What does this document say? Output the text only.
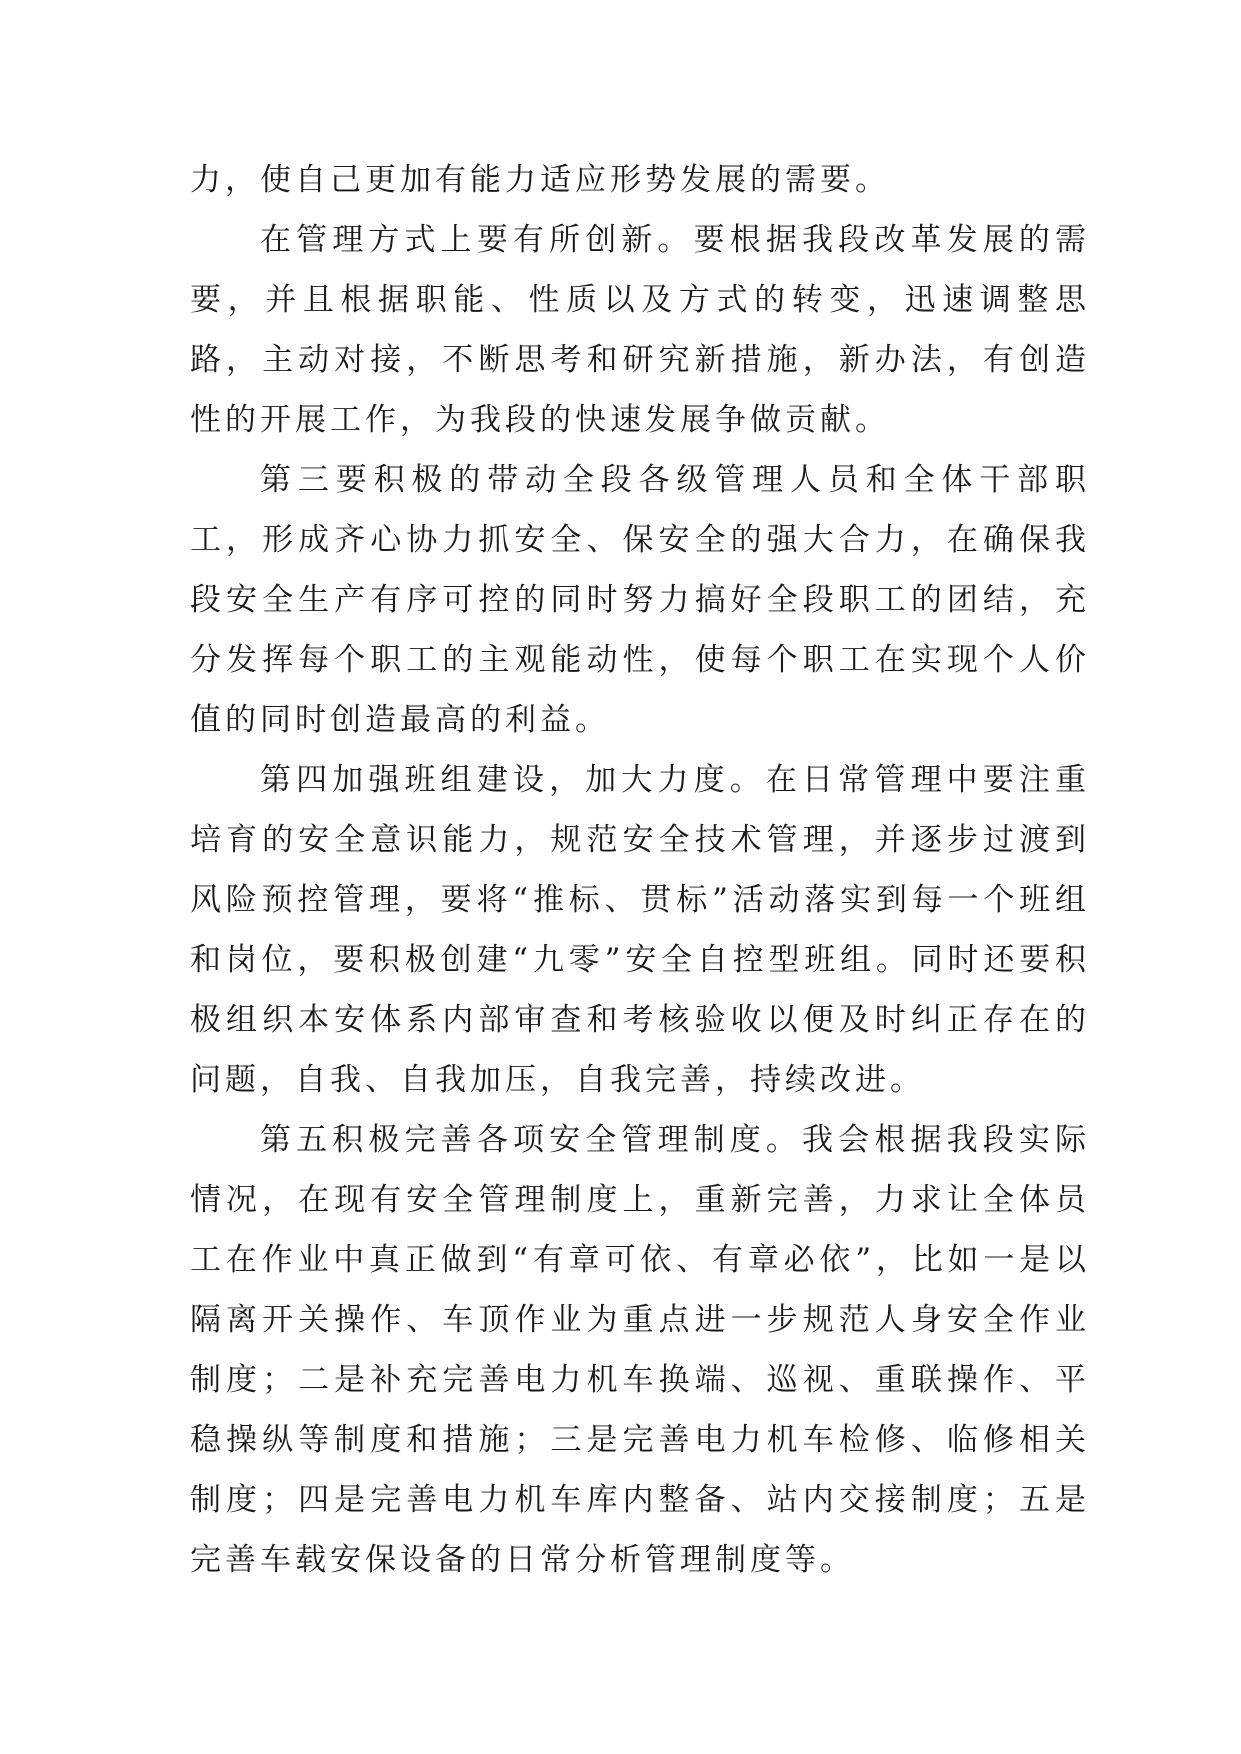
力，使自己更加有能力适应形势发展的需要。

在管理方式上要有所创新。要根据我段改革发展的需要，并且根据职能、性质以及方式的转变，迅速调整思路，主动对接，不断思考和研究新措施，新办法，有创造性的开展工作，为我段的快速发展争做贡献。

第三要积极的带动全段各级管理人员和全体干部职工，形成齐心协力抓安全、保安全的强大合力，在确保我段安全生产有序可控的同时努力搞好全段职工的团结，充分发挥每个职工的主观能动性，使每个职工在实现个人价值的同时创造最高的利益。

第四加强班组建设，加大力度。在日常管理中要注重培育的安全意识能力，规范安全技术管理，并逐步过渡到风险预控管理，要将“推标、贯标”活动落实到每一个班组和岗位，要积极创建“九零”安全自控型班组。同时还要积极组织本安体系内部审查和考核验收以便及时纠正存在的问题，自我、自我加压，自我完善，持续改进。

第五积极完善各项安全管理制度。我会根据我段实际情况，在现有安全管理制度上，重新完善，力求让全体员工在作业中真正做到“有章可依、有章必依”，比如一是以隔离开关操作、车顶作业为重点进一步规范人身安全作业制度；二是补充完善电力机车换端、巡视、重联操作、平稳操纵等制度和措施；三是完善电力机车检修、临修相关制度；四是完善电力机车库内整备、站内交接制度；五是完善车载安保设备的日常分析管理制度等。
